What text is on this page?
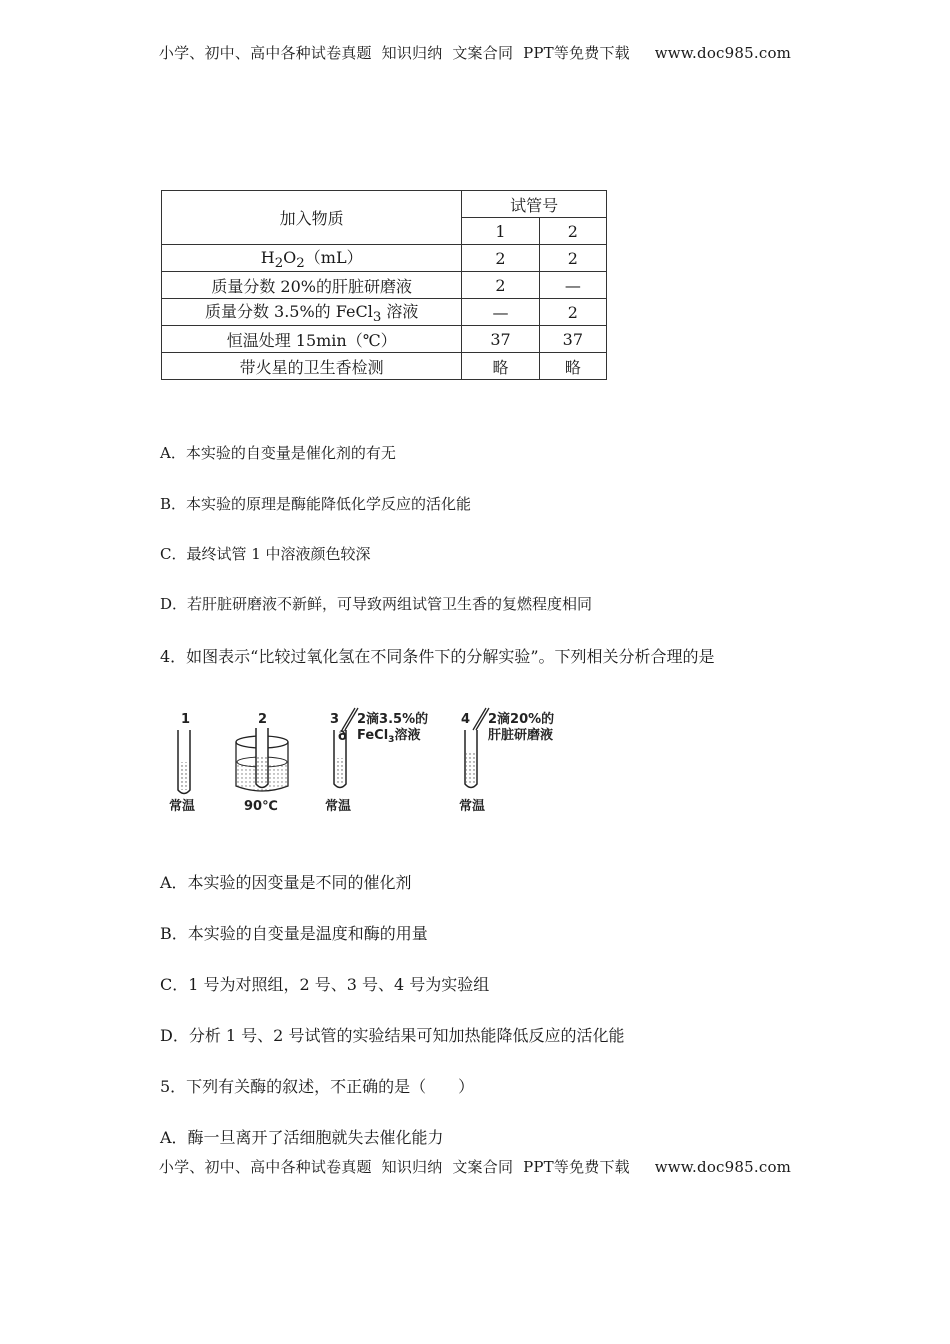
小学、初中、高中各种试卷真题  知识归纳  文案合同  PPT等免费下载     www.doc985.com
加入物质	试管号	
	1	2
$H_2O_2(mL)$	2	2
质量分数 20%的肝脏研磨液	2	—
质量分数 3.5%的 FeCl$_3$ 溶液	—	2
恒温处理 15min（℃）	37	37
带火星的卫生香检测	略	略
A．本实验的自变量是催化剂的有无
B．本实验的原理是酶能降低化学反应的活化能
C．最终试管 1 中溶液颜色较深
D．若肝脏研磨液不新鲜，可导致两组试管卫生香的复燃程度相同
4．如图表示“比较过氧化氢在不同条件下的分解实验”。下列相关分析合理的是
1
常温
2
90℃
3
ð
2滴3.5%的
FeCl$_3$溶液
常温
4 2滴20%的
肝脏研磨液
常温
A．本实验的因变量是不同的催化剂
B．本实验的自变量是温度和酶的用量
C．1 号为对照组，2 号、3 号、4 号为实验组
D．分析 1 号、2 号试管的实验结果可知加热能降低反应的活化能
5．下列有关酶的叙述，不正确的是（　　）
A．酶一旦离开了活细胞就失去催化能力
小学、初中、高中各种试卷真题  知识归纳  文案合同  PPT等免费下载     www.doc985.com
